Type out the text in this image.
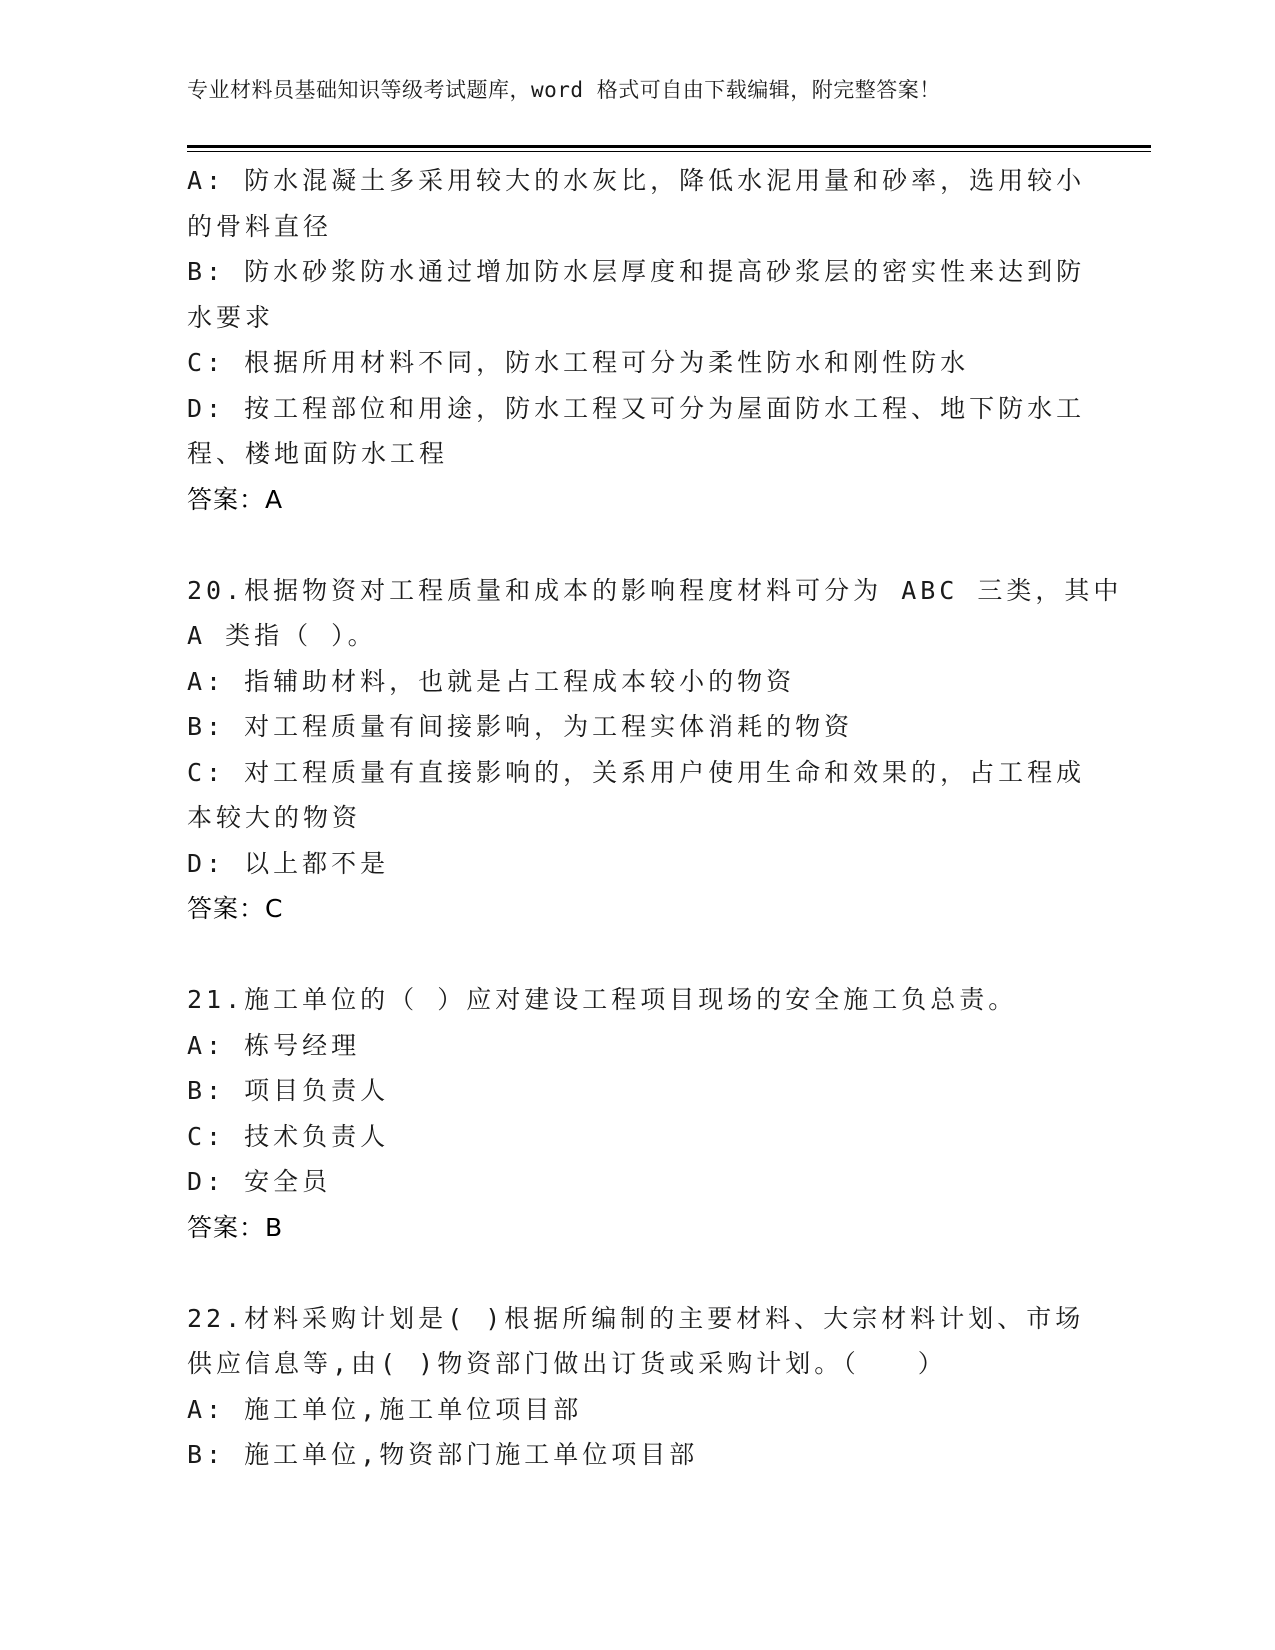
专业材料员基础知识等级考试题库，word 格式可自由下载编辑，附完整答案！
A: 防水混凝土多采用较大的水灰比，降低水泥用量和砂率，选用较小
的骨料直径
B: 防水砂浆防水通过增加防水层厚度和提高砂浆层的密实性来达到防
水要求
C: 根据所用材料不同，防水工程可分为柔性防水和刚性防水
D: 按工程部位和用途，防水工程又可分为屋面防水工程、地下防水工
程、楼地面防水工程
答案：A
20.根据物资对工程质量和成本的影响程度材料可分为 ABC 三类，其中
A 类指（ ）。
A: 指辅助材料，也就是占工程成本较小的物资
B: 对工程质量有间接影响，为工程实体消耗的物资
C: 对工程质量有直接影响的，关系用户使用生命和效果的，占工程成
本较大的物资
D: 以上都不是
答案：C
21.施工单位的（ ）应对建设工程项目现场的安全施工负总责。
A: 栋号经理
B: 项目负责人
C: 技术负责人
D: 安全员
答案：B
22.材料采购计划是( )根据所编制的主要材料、大宗材料计划、市场
供应信息等,由( )物资部门做出订货或采购计划。（　　）
A: 施工单位,施工单位项目部
B: 施工单位,物资部门施工单位项目部
